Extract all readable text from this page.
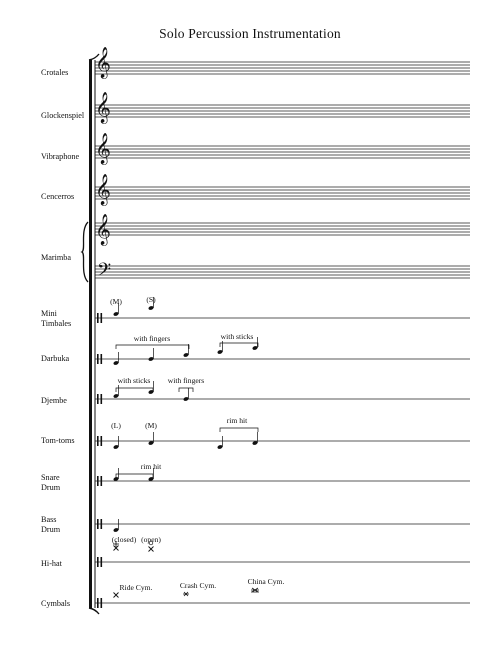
Solo Percussion Instrumentation
Crotales
Glockenspiel
Vibraphone
Cencerros
Marimba
Mini
Timbales
Darbuka
Djembe
Tom-toms
Snare
Drum
Bass
Drum
Hi-hat
Cymbals
𝄞
𝄞
𝄞
𝄞
𝄞
𝄢
(M)	(S)
with fingers	with sticks
with sticks with fingers
(L)	(M)
rim hit
rim hit
(closed) (open)
Ride Cym.	Crash Cym.	China Cym.
